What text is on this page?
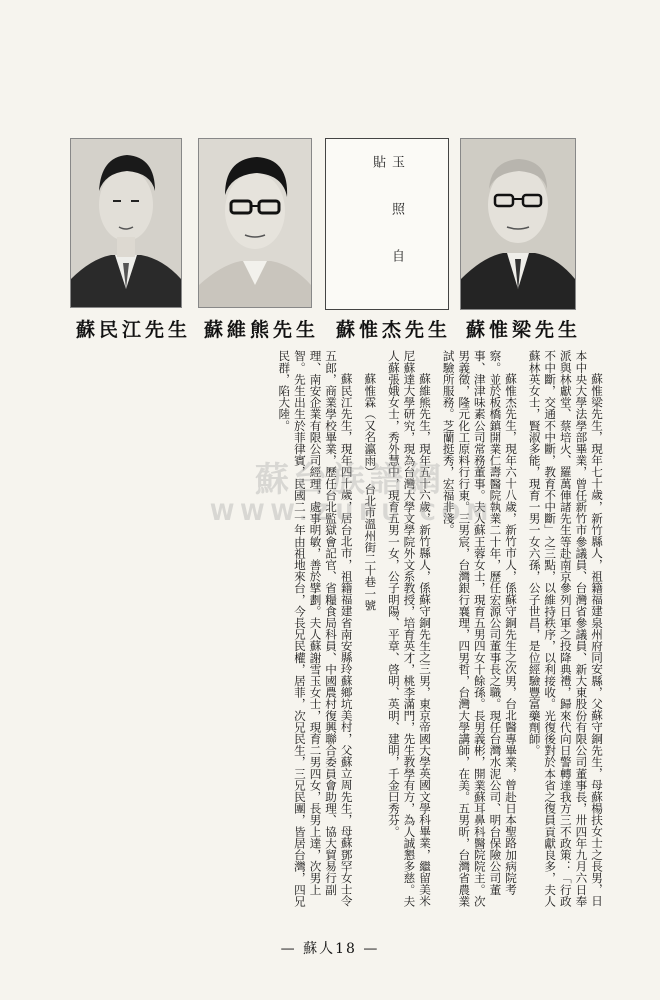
玉照自貼
蘇民江先生 蘇維熊先生 蘇惟杰先生 蘇惟梁先生

蘇惟梁先生，現年七十歲，新竹縣人，祖籍福建泉州府同安縣，父蘇守銅先生，母蘇楊扶女士之長男，日本中央大學法學部畢業，曾任新竹市參議員、台灣省參議員、新大東股份有限公司董事長，卅四年九月六日奉派與林獻堂、蔡培火、羅萬俥諸先生等赴南京參列日軍之投降典禮，歸來代向日警轉達我方三不政策：「行政不中斷，交通不中斷，教育不中斷」之三點，以維持秩序，以利接收。光復後對於本省之復員貢獻良多，夫人蘇林英女士，賢淑多能，現育一男一女六孫，公子世昌，是位經驗豐富藥劑師。

蘇惟杰先生，現年六十八歲，新竹市人，係蘇守銅先生之次男，台北醫專畢業，曾赴日本聖路加病院考察。並於板橋鎮開業仁壽醫院執業二十年，歷任宏源公司董事長之職。現任台灣水泥公司、明台保險公司董事、津津味素公司常務董事。夫人蘇王蓉女士，現育五男四女十餘孫。長男義彬，開業蘇耳鼻科醫院院主。次男義徵，隆元化工原料行行東。三男宸，台灣銀行襄理，四男哲，台灣大學講師，在美。五男昕，台灣省農業試驗所服務。芝蘭挺秀，宏福非淺。

蘇維熊先生，現年五十六歲，新竹縣人，係蘇守銅先生之三男，東京帝國大學英國文學科畢業，繼留美米尼蘇達大學研究，現為台灣大學文學院外文系教授，培育英才，桃李滿門，先生教學有方，為人誠懇多慈。夫人蘇張娥女士，秀外慧中，現育五男一女，公子明陽、平章、啓明、英明、建明，千金曰秀芬。

蘇惟霖（又名瀛雨）　台北市溫州街二十巷一號

蘇民江先生，現年四十歲，居台北市，祖籍福建省南安縣玲蘇鄉坑美村，父蘇立周先生，母蘇鄧罕女士令五郎，商業學校畢業，歷任台北監獄會記官、省糧食局科員、中國農村復興聯合委員會助理、協大貿易行副理、南安企業有限公司經理，處事明敏，善於擘劃。夫人蘇謝雪玉女士，現育二男四女，長男上達，次男上智。先生出生於菲律賓，民國二一年由祖地來台，今長兄民權，居菲，次兄民生，三兄民團，皆居台灣，四兄民群，陷大陸。

蘇台族譜網
WWW.ZUPU.COM
— 蘇人18 —
